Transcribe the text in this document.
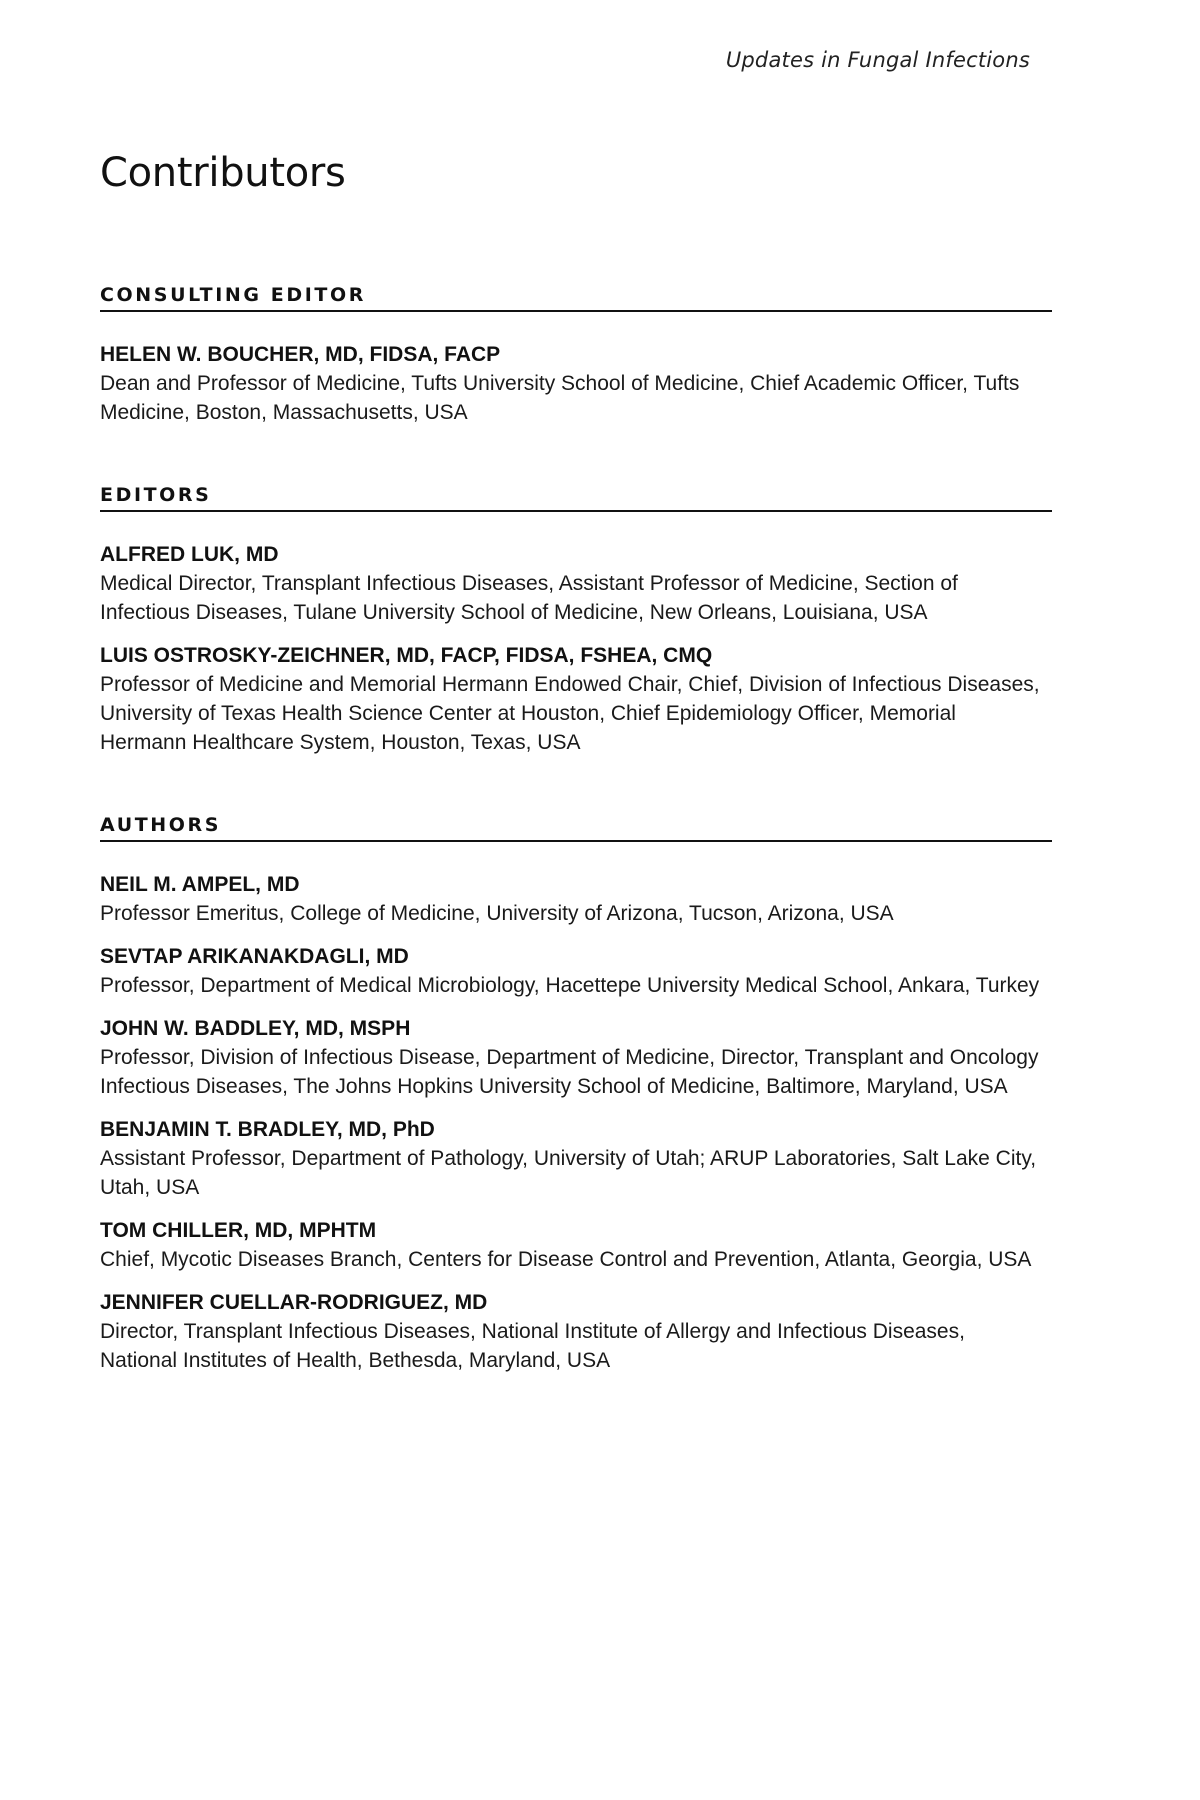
Updates in Fungal Infections
Contributors
CONSULTING EDITOR
HELEN W. BOUCHER, MD, FIDSA, FACP
Dean and Professor of Medicine, Tufts University School of Medicine, Chief Academic Officer, Tufts Medicine, Boston, Massachusetts, USA
EDITORS
ALFRED LUK, MD
Medical Director, Transplant Infectious Diseases, Assistant Professor of Medicine, Section of Infectious Diseases, Tulane University School of Medicine, New Orleans, Louisiana, USA
LUIS OSTROSKY-ZEICHNER, MD, FACP, FIDSA, FSHEA, CMQ
Professor of Medicine and Memorial Hermann Endowed Chair, Chief, Division of Infectious Diseases, University of Texas Health Science Center at Houston, Chief Epidemiology Officer, Memorial Hermann Healthcare System, Houston, Texas, USA
AUTHORS
NEIL M. AMPEL, MD
Professor Emeritus, College of Medicine, University of Arizona, Tucson, Arizona, USA
SEVTAP ARIKANAKDAGLI, MD
Professor, Department of Medical Microbiology, Hacettepe University Medical School, Ankara, Turkey
JOHN W. BADDLEY, MD, MSPH
Professor, Division of Infectious Disease, Department of Medicine, Director, Transplant and Oncology Infectious Diseases, The Johns Hopkins University School of Medicine, Baltimore, Maryland, USA
BENJAMIN T. BRADLEY, MD, PhD
Assistant Professor, Department of Pathology, University of Utah; ARUP Laboratories, Salt Lake City, Utah, USA
TOM CHILLER, MD, MPHTM
Chief, Mycotic Diseases Branch, Centers for Disease Control and Prevention, Atlanta, Georgia, USA
JENNIFER CUELLAR-RODRIGUEZ, MD
Director, Transplant Infectious Diseases, National Institute of Allergy and Infectious Diseases, National Institutes of Health, Bethesda, Maryland, USA
